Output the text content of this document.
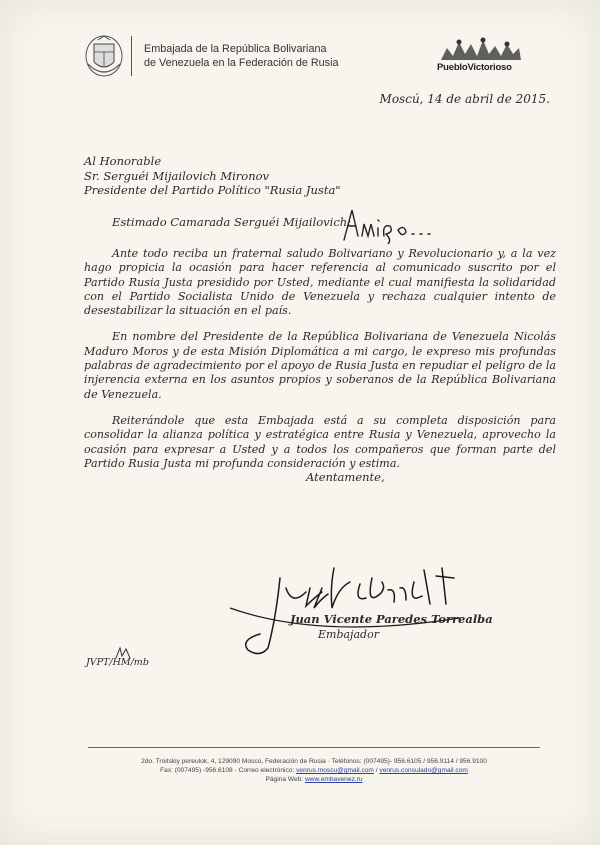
Embajada de la República Bolivariana
de Venezuela en la Federación de Rusia	PuebloVictorioso
Moscú, 14 de abril de 2015.
Al Honorable
Sr. Serguéi Mijailovich Mironov
Presidente del Partido Político "Rusia Justa"
Estimado Camarada Serguéi Mijailovich:

Ante todo reciba un fraternal saludo Bolivariano y Revolucionario y, a la vez hago propicia la ocasión para hacer referencia al comunicado suscrito por el Partido Rusia Justa presidido por Usted, mediante el cual manifiesta la solidaridad con el Partido Socialista Unido de Venezuela y rechaza cualquier intento de desestabilizar la situación en el país.

En nombre del Presidente de la República Bolivariana de Venezuela Nicolás Maduro Moros y de esta Misión Diplomática a mi cargo, le expreso mis profundas palabras de agradecimiento por el apoyo de Rusia Justa en repudiar el peligro de la injerencia externa en los asuntos propios y soberanos de la República Bolivariana de Venezuela.

Reiterándole que esta Embajada está a su completa disposición para consolidar la alianza política y estratégica entre Rusia y Venezuela, aprovecho la ocasión para expresar a Usted y a todos los compañeros que forman parte del Partido Rusia Justa mi profunda consideración y estima.

Atentamente,
Juan Vicente Paredes Torrealba
Embajador
JVPT/HM/mb
2do. Troitskiy pereulok, 4, 129090 Moscú, Federación de Rusia · Teléfonos: (007495)- 956.6105 / 956.9114 / 956.9100
Fax: (007495) -956.6108 · Correo electrónico: venrus.moscu@gmail.com / venrus.consulado@gmail.com
Página Web: www.embavenez.ru
